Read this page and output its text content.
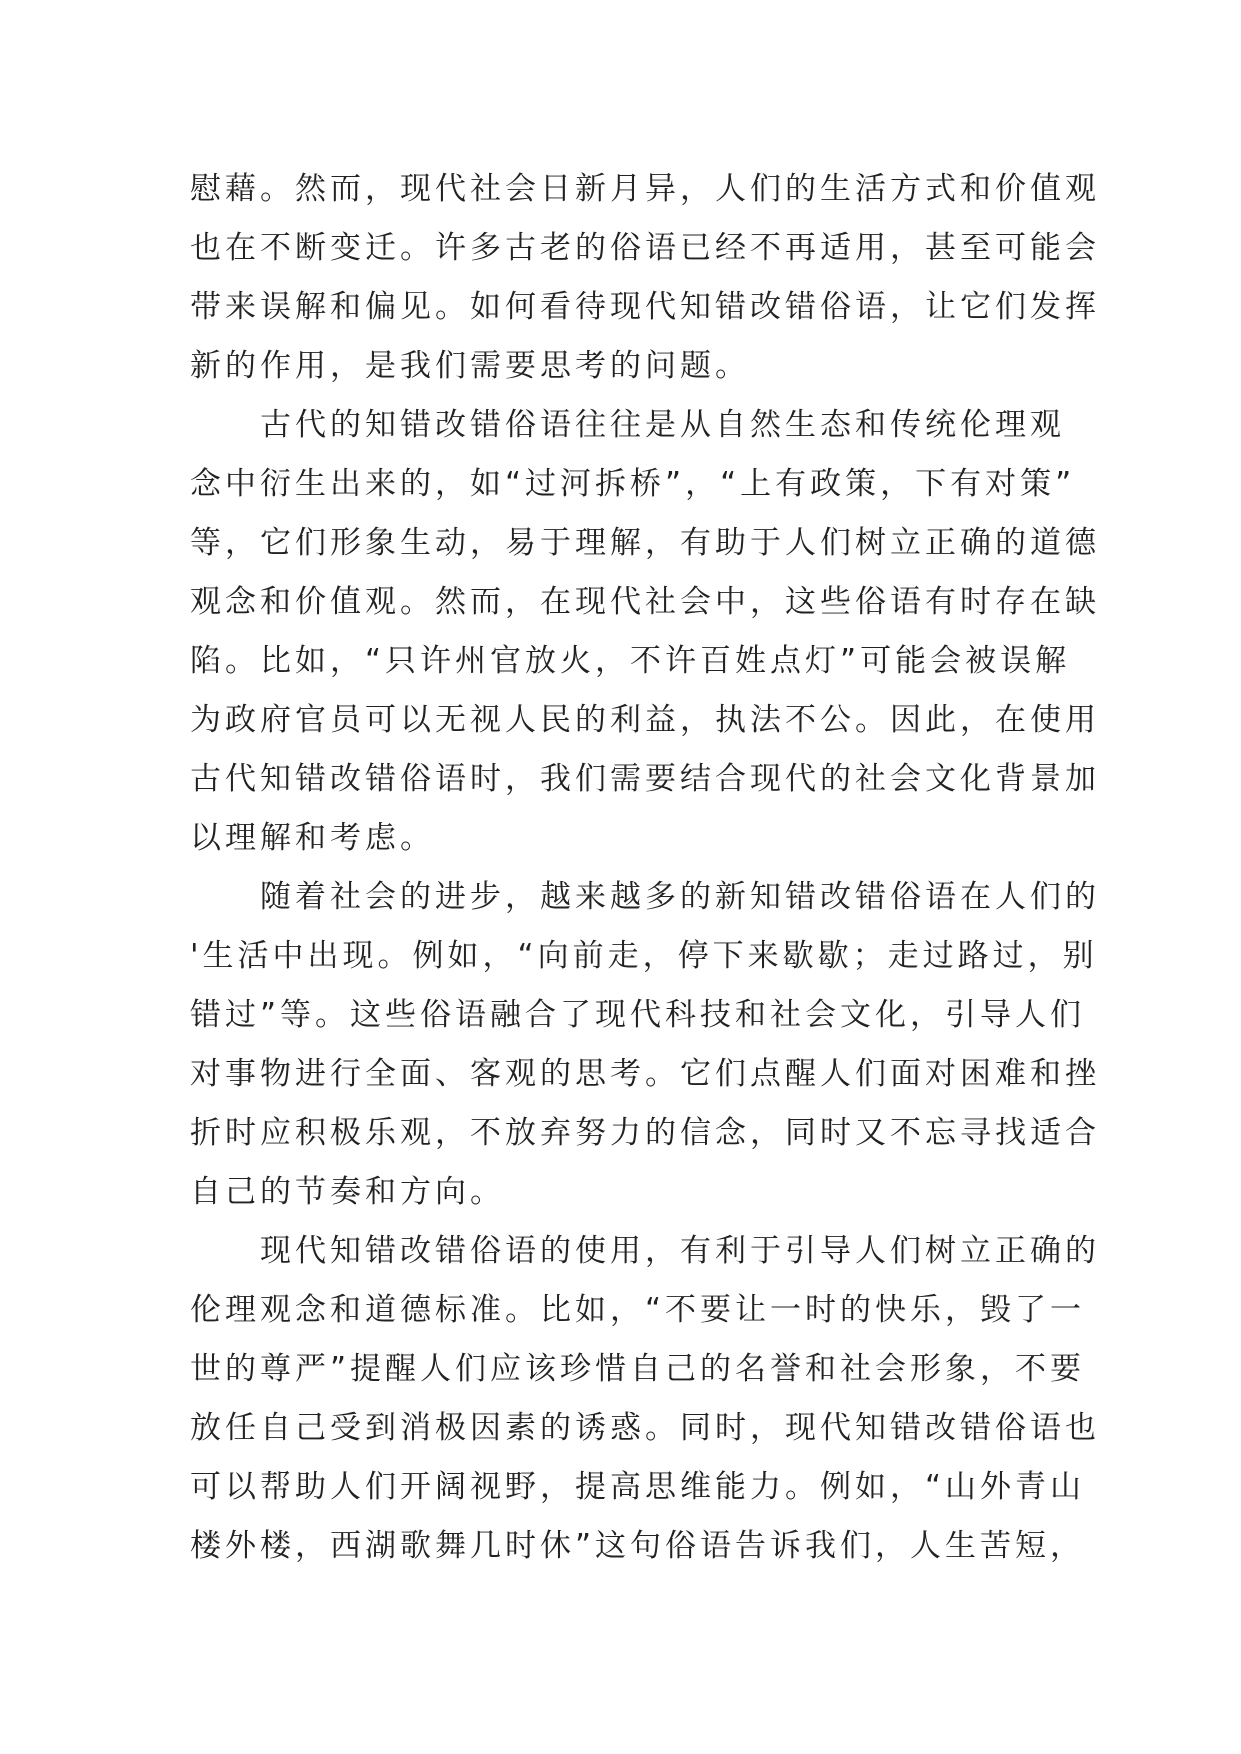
慰藉。然而，现代社会日新月异，人们的生活方式和价值观
也在不断变迁。许多古老的俗语已经不再适用，甚至可能会
带来误解和偏见。如何看待现代知错改错俗语，让它们发挥
新的作用，是我们需要思考的问题。
古代的知错改错俗语往往是从自然生态和传统伦理观
念中衍生出来的，如“过河拆桥”，“上有政策，下有对策”
等，它们形象生动，易于理解，有助于人们树立正确的道德
观念和价值观。然而，在现代社会中，这些俗语有时存在缺
陷。比如，“只许州官放火，不许百姓点灯”可能会被误解
为政府官员可以无视人民的利益，执法不公。因此，在使用
古代知错改错俗语时，我们需要结合现代的社会文化背景加
以理解和考虑。
随着社会的进步，越来越多的新知错改错俗语在人们的
'生活中出现。例如，“向前走，停下来歇歇；走过路过，别
错过”等。这些俗语融合了现代科技和社会文化，引导人们
对事物进行全面、客观的思考。它们点醒人们面对困难和挫
折时应积极乐观，不放弃努力的信念，同时又不忘寻找适合
自己的节奏和方向。
现代知错改错俗语的使用，有利于引导人们树立正确的
伦理观念和道德标准。比如，“不要让一时的快乐，毁了一
世的尊严”提醒人们应该珍惜自己的名誉和社会形象，不要
放任自己受到消极因素的诱惑。同时，现代知错改错俗语也
可以帮助人们开阔视野，提高思维能力。例如，“山外青山
楼外楼，西湖歌舞几时休”这句俗语告诉我们，人生苦短，
